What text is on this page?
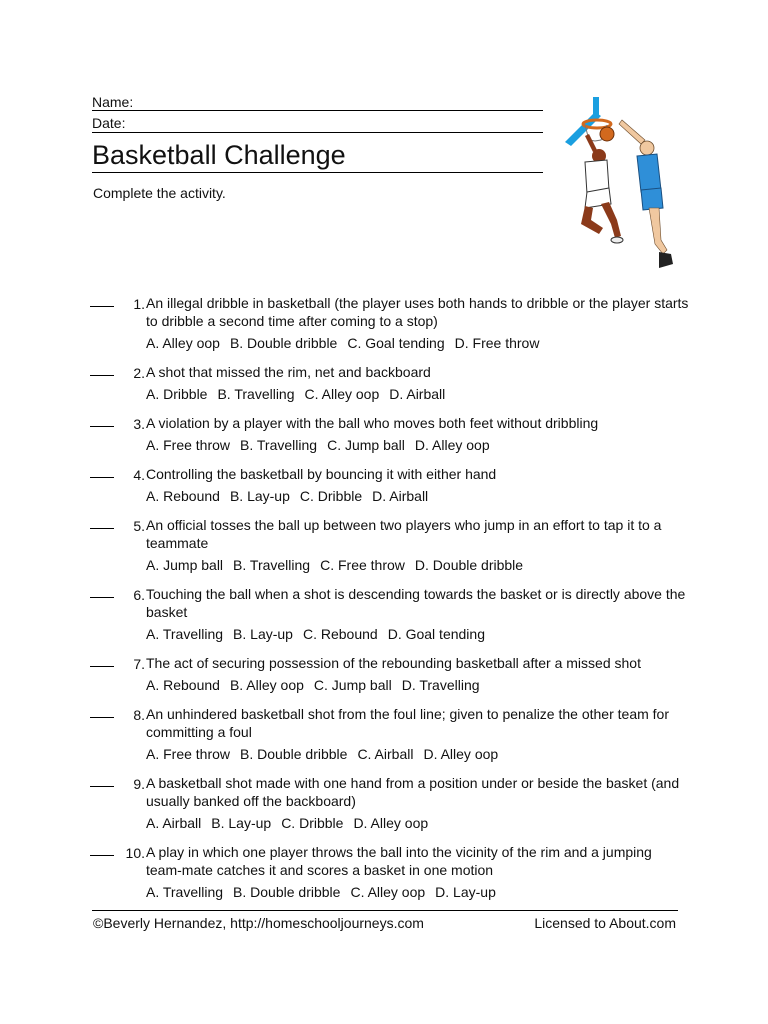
Name:
Date:
Basketball Challenge
Complete the activity.
1. An illegal dribble in basketball (the player uses both hands to dribble or the player starts to dribble a second time after coming to a stop)
A. Alley oop B. Double dribble C. Goal tending D. Free throw
2. A shot that missed the rim, net and backboard
A. Dribble B. Travelling C. Alley oop D. Airball
3. A violation by a player with the ball who moves both feet without dribbling
A. Free throw B. Travelling C. Jump ball D. Alley oop
4. Controlling the basketball by bouncing it with either hand
A. Rebound B. Lay-up C. Dribble D. Airball
5. An official tosses the ball up between two players who jump in an effort to tap it to a teammate
A. Jump ball B. Travelling C. Free throw D. Double dribble
6. Touching the ball when a shot is descending towards the basket or is directly above the basket
A. Travelling B. Lay-up C. Rebound D. Goal tending
7. The act of securing possession of the rebounding basketball after a missed shot
A. Rebound B. Alley oop C. Jump ball D. Travelling
8. An unhindered basketball shot from the foul line; given to penalize the other team for committing a foul
A. Free throw B. Double dribble C. Airball D. Alley oop
9. A basketball shot made with one hand from a position under or beside the basket (and usually banked off the backboard)
A. Airball B. Lay-up C. Dribble D. Alley oop
10. A play in which one player throws the ball into the vicinity of the rim and a jumping team-mate catches it and scores a basket in one motion
A. Travelling B. Double dribble C. Alley oop D. Lay-up
©Beverly Hernandez, http://homeschooljourneys.com	Licensed to About.com
